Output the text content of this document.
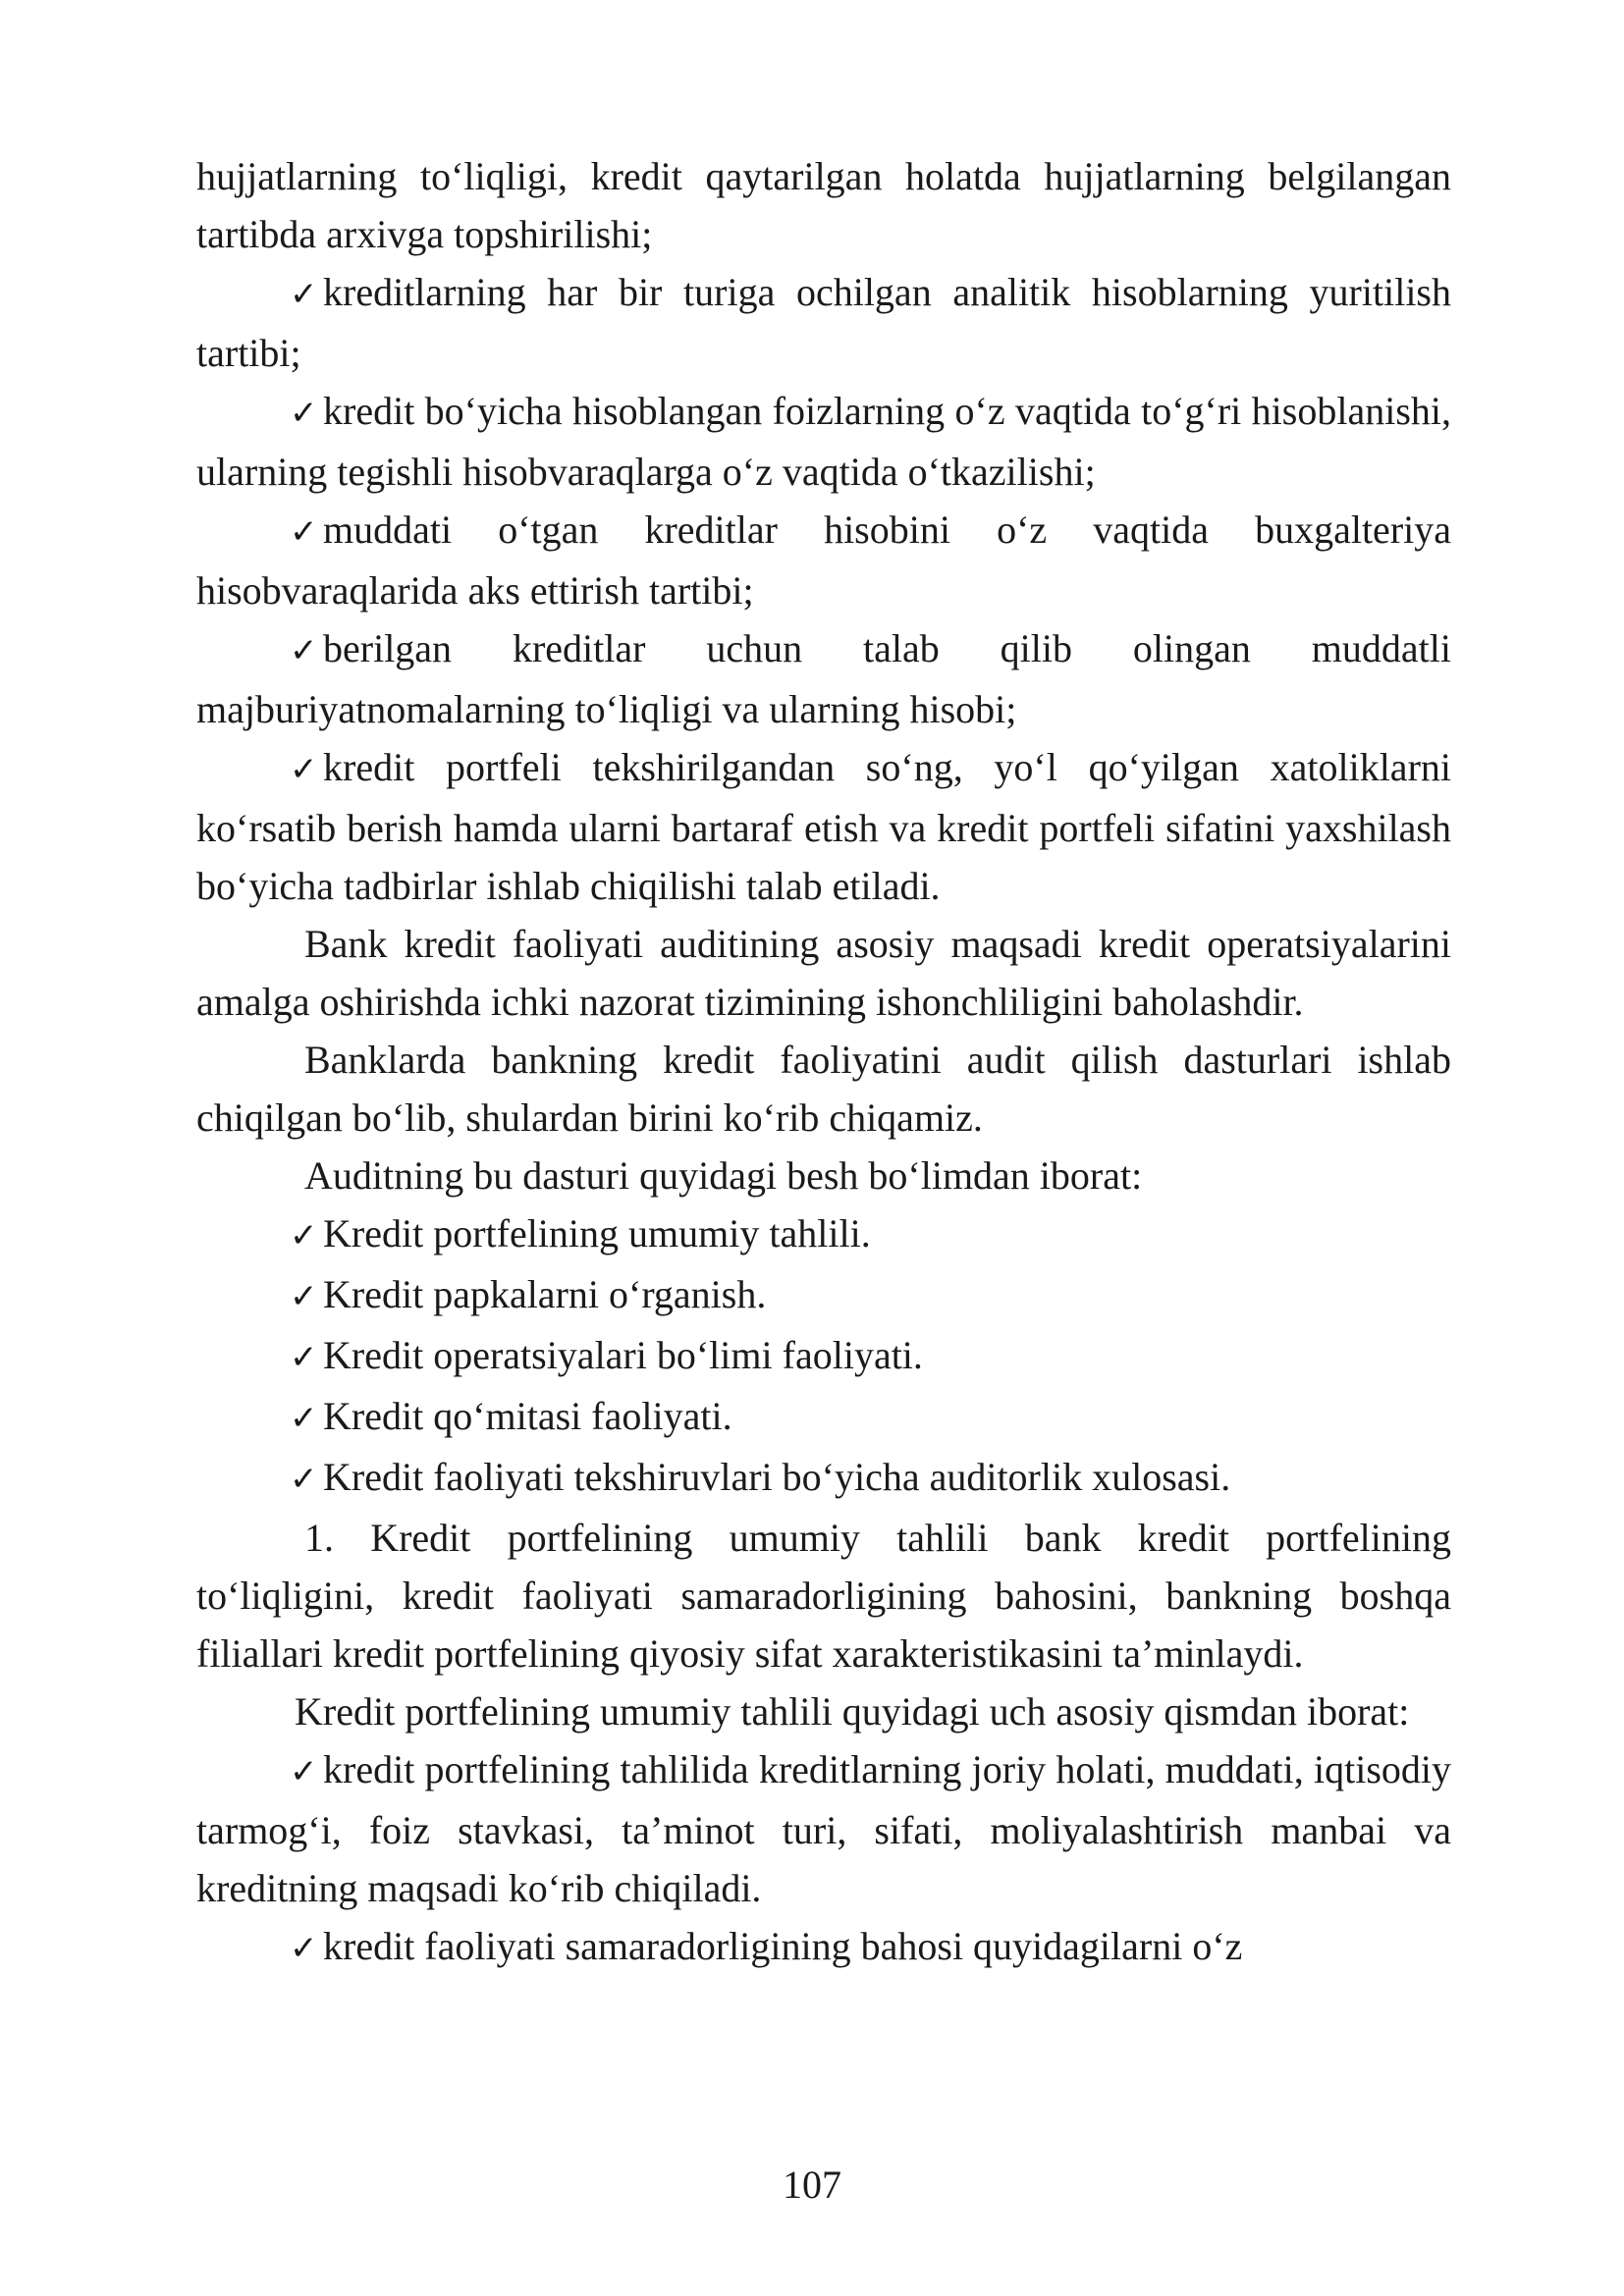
hujjatlarning to‘liqligi, kredit qaytarilgan holatda hujjatlarning belgilangan tartibda arxivga topshirilishi;

✓ kreditlarning har bir turiga ochilgan analitik hisoblarning yuritilish tartibi;

✓ kredit bo‘yicha hisoblangan foizlarning o‘z vaqtida to‘g‘ri hisoblanishi, ularning tegishli hisobvaraqlarga o‘z vaqtida o‘tkazilishi;

✓ muddati o‘tgan kreditlar hisobini o‘z vaqtida buxgalteriya hisobvaraqlarida aks ettirish tartibi;

✓ berilgan kreditlar uchun talab qilib olingan muddatli majburiyatnomalarning to‘liqligi va ularning hisobi;

✓ kredit portfeli tekshirilgandan so‘ng, yo‘l qo‘yilgan xatoliklarni ko‘rsatib berish hamda ularni bartaraf etish va kredit portfeli sifatini yaxshilash bo‘yicha tadbirlar ishlab chiqilishi talab etiladi.

Bank kredit faoliyati auditining asosiy maqsadi kredit operatsiyalarini amalga oshirishda ichki nazorat tizimining ishonchliligini baholashdir.

Banklarda bankning kredit faoliyatini audit qilish dasturlari ishlab chiqilgan bo‘lib, shulardan birini ko‘rib chiqamiz.

Auditning bu dasturi quyidagi besh bo‘limdan iborat:

✓ Kredit portfelining umumiy tahlili.

✓ Kredit papkalarni o‘rganish.

✓ Kredit operatsiyalari bo‘limi faoliyati.

✓ Kredit qo‘mitasi faoliyati.

✓ Kredit faoliyati tekshiruvlari bo‘yicha auditorlik xulosasi.

1. Kredit portfelining umumiy tahlili bank kredit portfelining to‘liqligini, kredit faoliyati samaradorligining bahosini, bankning boshqa filiallari kredit portfelining qiyosiy sifat xarakteristikasini ta’minlaydi.

Kredit portfelining umumiy tahlili quyidagi uch asosiy qismdan iborat:

✓ kredit portfelining tahlilida kreditlarning joriy holati, muddati, iqtisodiy tarmog‘i, foiz stavkasi, ta’minot turi, sifati, moliyalashtirish manbai va kreditning maqsadi ko‘rib chiqiladi.

✓ kredit faoliyati samaradorligining bahosi quyidagilarni o‘z

107
